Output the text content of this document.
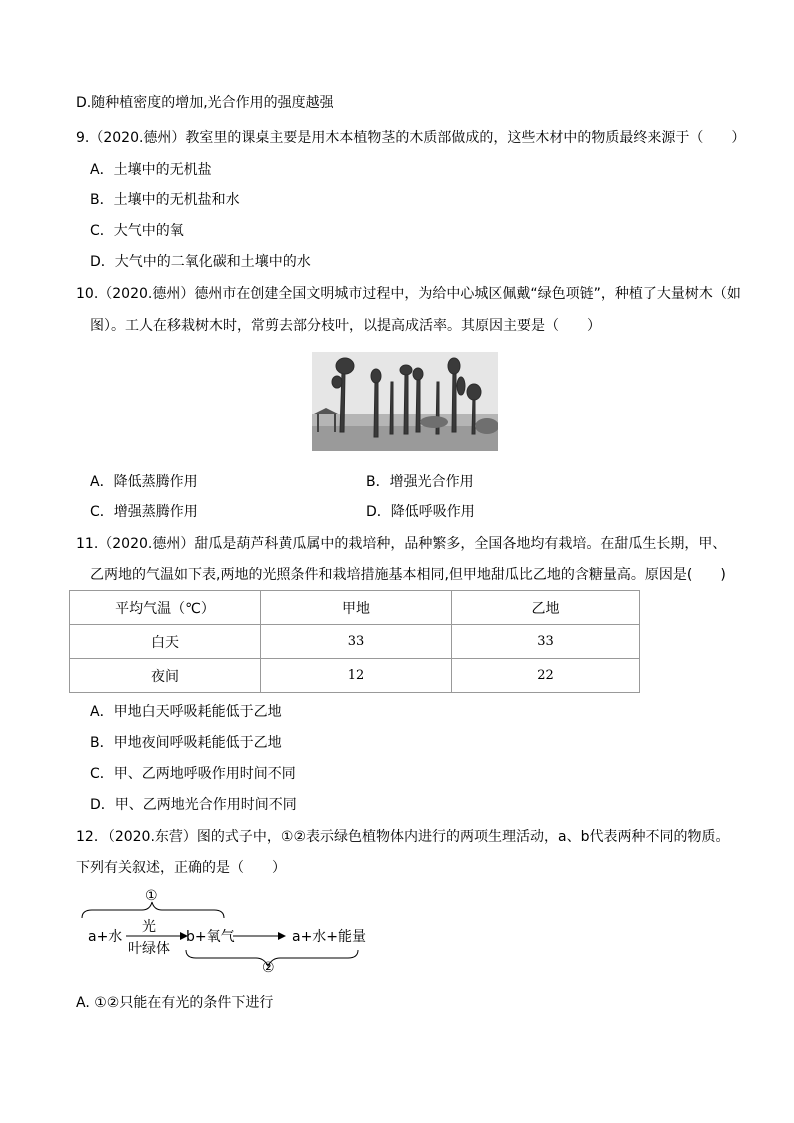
D.随种植密度的增加,光合作用的强度越强
9.（2020.德州）教室里的课桌主要是用木本植物茎的木质部做成的，这些木材中的物质最终来源于（　　）
A．土壤中的无机盐
B．土壤中的无机盐和水
C．大气中的氧
D．大气中的二氧化碳和土壤中的水
10.（2020.德州）德州市在创建全国文明城市过程中，为给中心城区佩戴“绿色项链”，种植了大量树木（如
图）。工人在移栽树木时，常剪去部分枝叶，以提高成活率。其原因主要是（　　）
A．降低蒸腾作用	B．增强光合作用
C．增强蒸腾作用	D．降低呼吸作用
11.（2020.德州）甜瓜是葫芦科黄瓜属中的栽培种，品种繁多，全国各地均有栽培。在甜瓜生长期，甲、
乙两地的气温如下表,两地的光照条件和栽培措施基本相同,但甲地甜瓜比乙地的含糖量高。原因是(　　)
平均气温（℃）	甲地	乙地
白天	33	33
夜间	12	22
A．甲地白天呼吸耗能低于乙地
B．甲地夜间呼吸耗能低于乙地
C．甲、乙两地呼吸作用时间不同
D．甲、乙两地光合作用时间不同
12．（2020.东营）图的式子中，①②表示绿色植物体内进行的两项生理活动，a、b代表两种不同的物质。
下列有关叙述，正确的是（　　）
①
a+水
光
叶绿体
b+氧气	a+水+能量
②
A. ①②只能在有光的条件下进行
